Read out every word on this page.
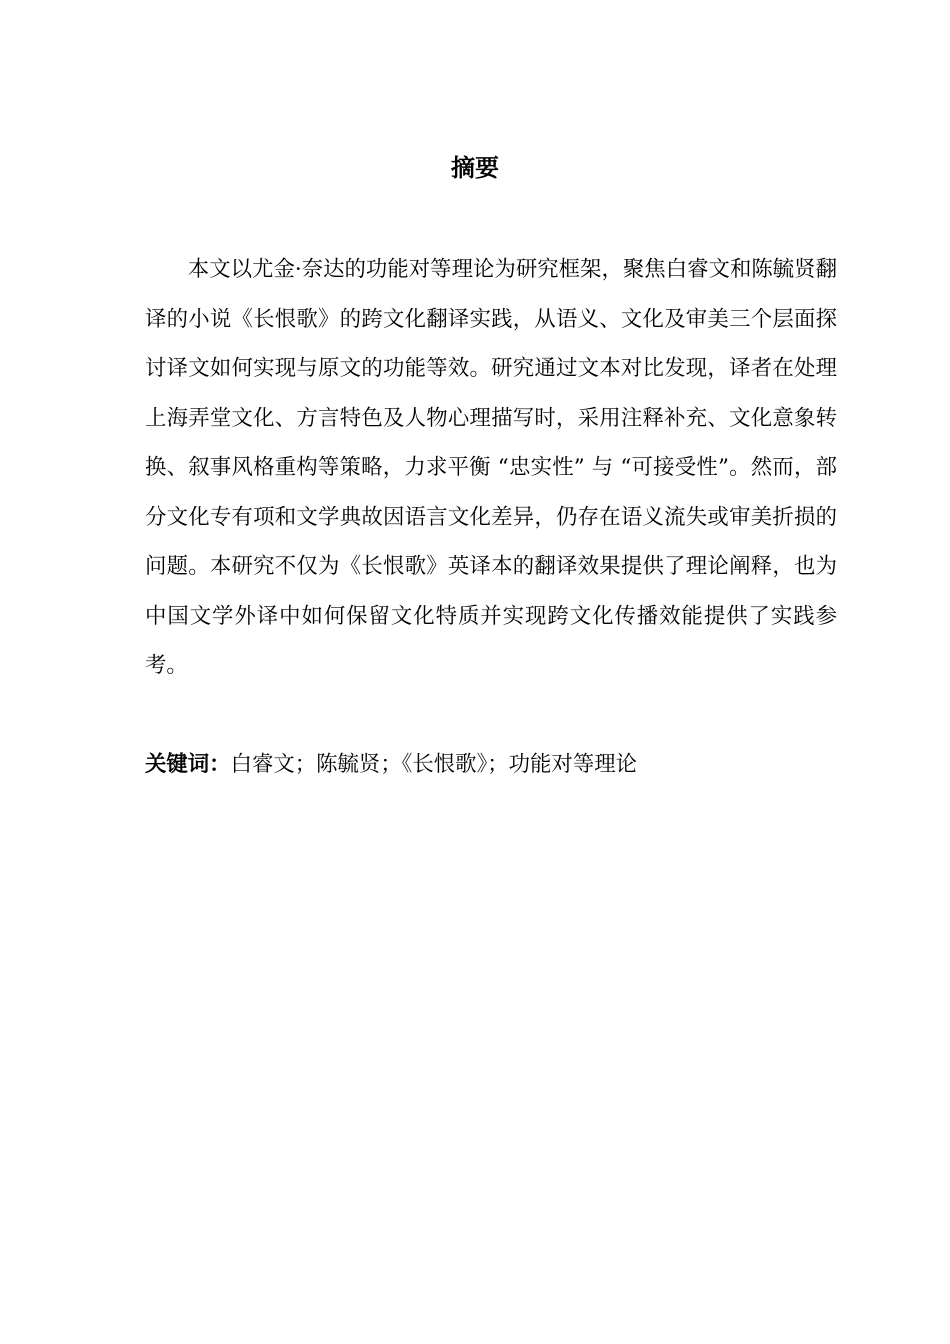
摘要

本文以尤金·奈达的功能对等理论为研究框架，聚焦白睿文和陈毓贤翻译的小说《长恨歌》的跨文化翻译实践，从语义、文化及审美三个层面探讨译文如何实现与原文的功能等效。研究通过文本对比发现，译者在处理上海弄堂文化、方言特色及人物心理描写时，采用注释补充、文化意象转换、叙事风格重构等策略，力求平衡 “忠实性” 与 “可接受性”。然而，部分文化专有项和文学典故因语言文化差异，仍存在语义流失或审美折损的问题。本研究不仅为《长恨歌》英译本的翻译效果提供了理论阐释，也为中国文学外译中如何保留文化特质并实现跨文化传播效能提供了实践参考。

关键词：白睿文；陈毓贤；《长恨歌》；功能对等理论
